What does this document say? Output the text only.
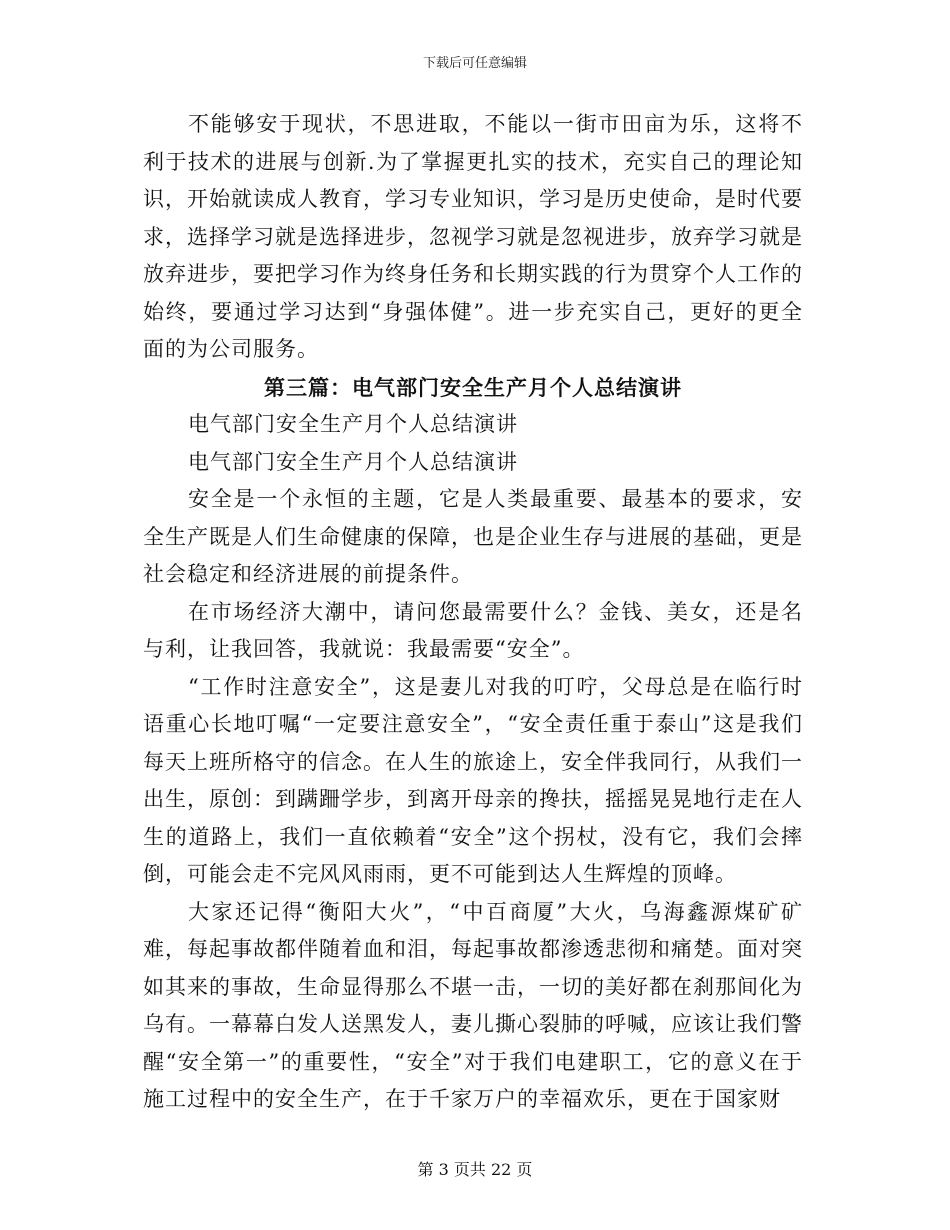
下载后可任意编辑

不能够安于现状，不思进取，不能以一街市田亩为乐，这将不利于技术的进展与创新.为了掌握更扎实的技术，充实自己的理论知识，开始就读成人教育，学习专业知识，学习是历史使命，是时代要求，选择学习就是选择进步，忽视学习就是忽视进步，放弃学习就是放弃进步，要把学习作为终身任务和长期实践的行为贯穿个人工作的始终，要通过学习达到“身强体健”。进一步充实自己，更好的更全面的为公司服务。

第三篇：电气部门安全生产月个人总结演讲

电气部门安全生产月个人总结演讲

电气部门安全生产月个人总结演讲

安全是一个永恒的主题，它是人类最重要、最基本的要求，安全生产既是人们生命健康的保障，也是企业生存与进展的基础，更是社会稳定和经济进展的前提条件。

在市场经济大潮中，请问您最需要什么？金钱、美女，还是名与利，让我回答，我就说：我最需要“安全”。

“工作时注意安全”，这是妻儿对我的叮咛，父母总是在临行时语重心长地叮嘱“一定要注意安全”，“安全责任重于泰山”这是我们每天上班所格守的信念。在人生的旅途上，安全伴我同行，从我们一出生，原创：到蹒跚学步，到离开母亲的搀扶，摇摇晃晃地行走在人生的道路上，我们一直依赖着“安全”这个拐杖，没有它，我们会摔倒，可能会走不完风风雨雨，更不可能到达人生辉煌的顶峰。

大家还记得“衡阳大火”，“中百商厦”大火，乌海鑫源煤矿矿难，每起事故都伴随着血和泪，每起事故都渗透悲彻和痛楚。面对突如其来的事故，生命显得那么不堪一击，一切的美好都在刹那间化为乌有。一幕幕白发人送黑发人，妻儿撕心裂肺的呼喊，应该让我们警醒“安全第一”的重要性，“安全”对于我们电建职工，它的意义在于施工过程中的安全生产，在于千家万户的幸福欢乐，更在于国家财

第 3 页共 22 页
